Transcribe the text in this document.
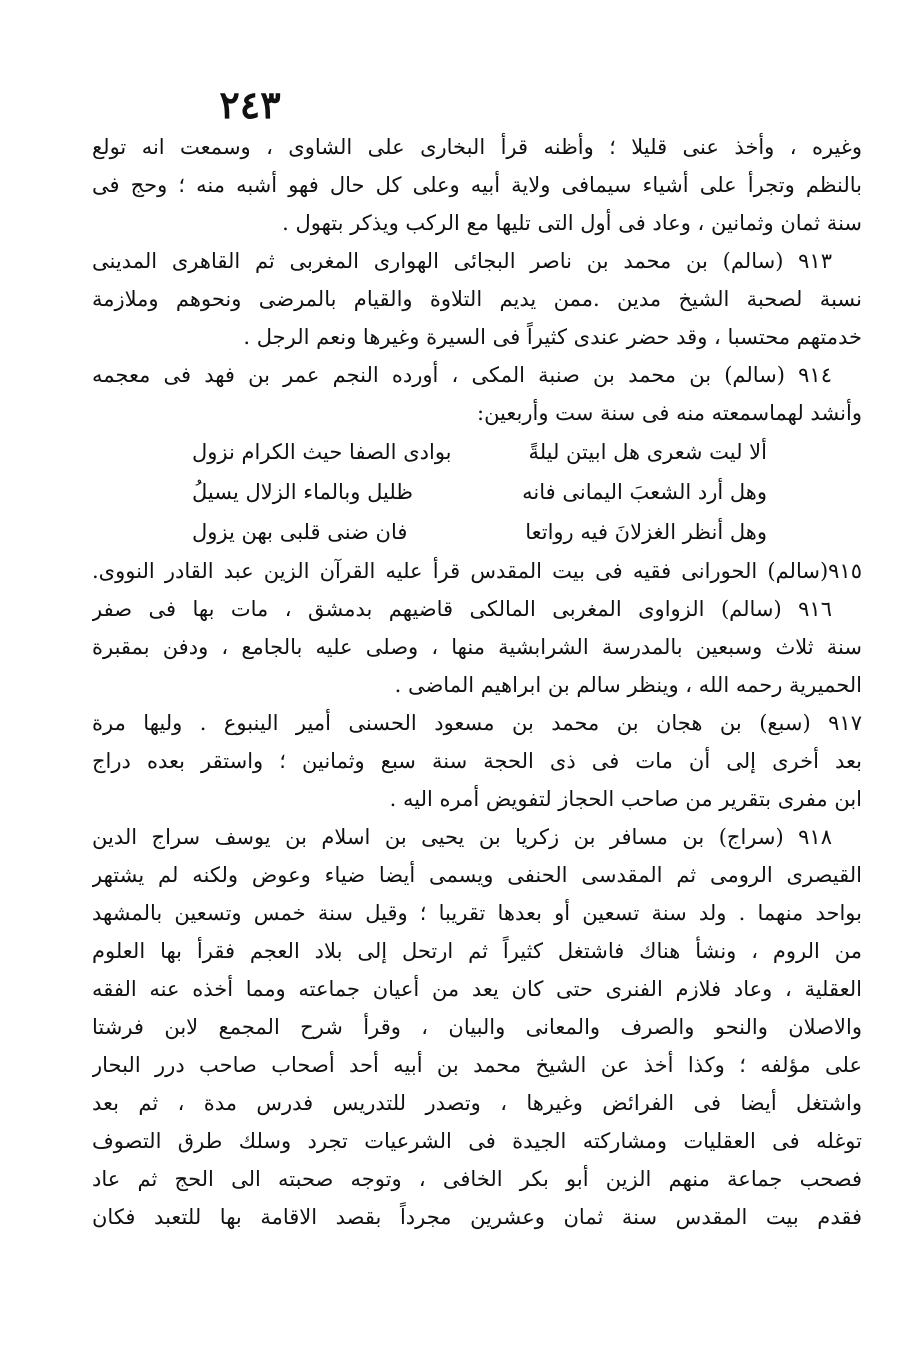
٢٤٣
وغيره ، وأخذ عنى قليلا ؛ وأظنه قرأ البخارى على الشاوى ، وسمعت انه تولع
بالنظم وتجرأ على أشياء سيمافى ولاية أبيه وعلى كل حال فهو أشبه منه ؛ وحج فى
سنة ثمان وثمانين ، وعاد فى أول التى تليها مع الركب ويذكر بتهول .
٩١٣ (سالم) بن محمد بن ناصر البجائى الهوارى المغربى ثم القاهرى المدينى
نسبة لصحبة الشيخ مدين .ممن يديم التلاوة والقيام بالمرضى ونحوهم وملازمة
خدمتهم محتسبا ، وقد حضر عندى كثيراً فى السيرة وغيرها ونعم الرجل .
٩١٤ (سالم) بن محمد بن صنبة المكى ، أورده النجم عمر بن فهد فى معجمه
وأنشد لهماسمعته منه فى سنة ست وأربعين:
ألا ليت شعرى هل ابيتن ليلةً
بوادى الصفا حيث الكرام نزول
وهل أرد الشعبَ اليمانى فانه
ظليل وبالماء الزلال يسيلُ
وهل أنظر الغزلانَ فيه رواتعا
فان ضنى قلبى بهن يزول
٩١٥(سالم) الحورانى فقيه فى بيت المقدس قرأ عليه القرآن الزين عبد القادر النووى.
٩١٦ (سالم) الزواوى المغربى المالكى قاضيهم بدمشق ، مات بها فى صفر
سنة ثلاث وسبعين بالمدرسة الشرابشية منها ، وصلى عليه بالجامع ، ودفن بمقبرة
الحميرية رحمه الله ، وينظر سالم بن ابراهيم الماضى .
٩١٧ (سبع) بن هجان بن محمد بن مسعود الحسنى أمير الينبوع . وليها مرة
بعد أخرى إلى أن مات فى ذى الحجة سنة سبع وثمانين ؛ واستقر بعده دراج
ابن مفرى بتقرير من صاحب الحجاز لتفويض أمره اليه .
٩١٨ (سراج) بن مسافر بن زكريا بن يحيى بن اسلام بن يوسف سراج الدين
القيصرى الرومى ثم المقدسى الحنفى ويسمى أيضا ضياء وعوض ولكنه لم يشتهر
بواحد منهما . ولد سنة تسعين أو بعدها تقريبا ؛ وقيل سنة خمس وتسعين بالمشهد
من الروم ، ونشأ هناك فاشتغل كثيراً ثم ارتحل إلى بلاد العجم فقرأ بها العلوم
العقلية ، وعاد فلازم الفنرى حتى كان يعد من أعيان جماعته ومما أخذه عنه الفقه
والاصلان والنحو والصرف والمعانى والبيان ، وقرأ شرح المجمع لابن فرشتا
على مؤلفه ؛ وكذا أخذ عن الشيخ محمد بن أبيه أحد أصحاب صاحب درر البحار
واشتغل أيضا فى الفرائض وغيرها ، وتصدر للتدريس فدرس مدة ، ثم بعد
توغله فى العقليات ومشاركته الجيدة فى الشرعيات تجرد وسلك طرق التصوف
فصحب جماعة منهم الزين أبو بكر الخافى ، وتوجه صحبته الى الحج ثم عاد
فقدم بيت المقدس سنة ثمان وعشرين مجرداً بقصد الاقامة بها للتعبد فكان
